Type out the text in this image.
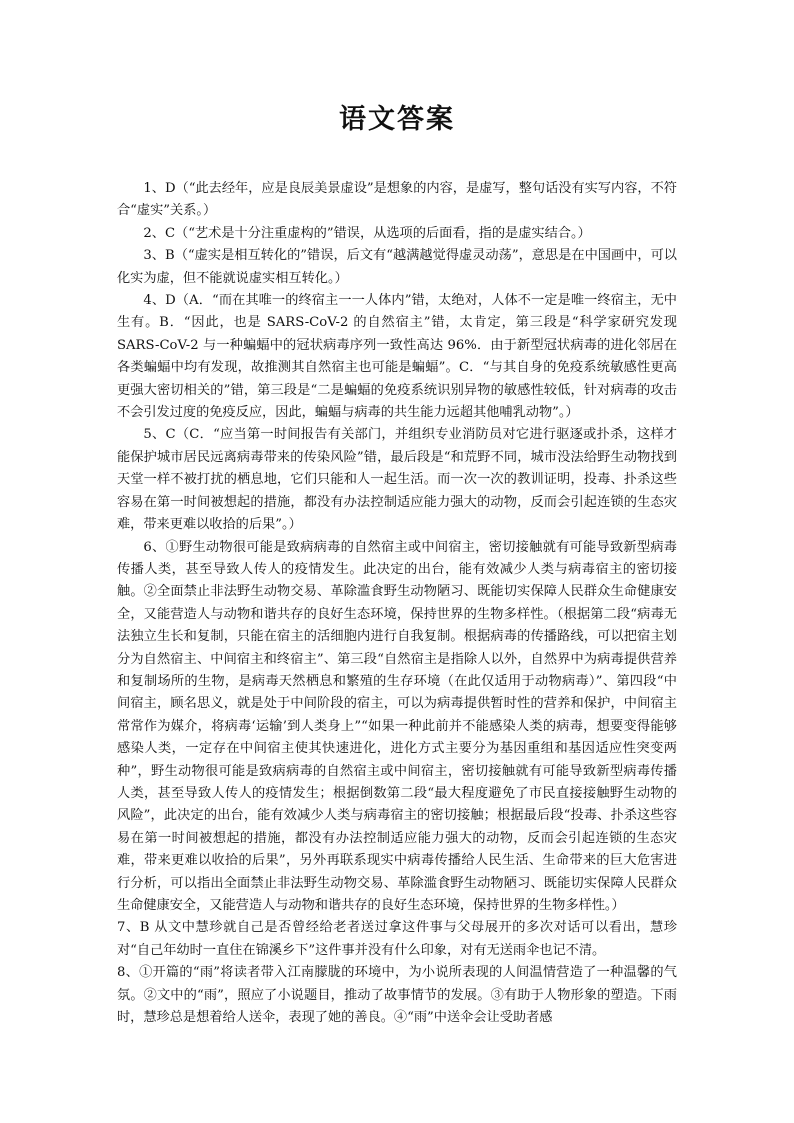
语文答案

1、D（“此去经年，应是良辰美景虚设”是想象的内容，是虚写，整句话没有实写内容，不符合“虚实”关系。）

2、C（“艺术是十分注重虚构的”错误，从选项的后面看，指的是虚实结合。）

3、B（“虚实是相互转化的”错误，后文有“越满越觉得虚灵动荡”，意思是在中国画中，可以化实为虚，但不能就说虚实相互转化。）

4、D（A．“而在其唯一的终宿主一一人体内”错，太绝对，人体不一定是唯一终宿主，无中生有。B．“因此，也是 SARS-CoV-2 的自然宿主”错，太肯定，第三段是“科学家研究发现 SARS-CoV-2 与一种蝙蝠中的冠状病毒序列一致性高达 96%．由于新型冠状病毒的进化邻居在各类蝙蝠中均有发现，故推测其自然宿主也可能是蝙蝠”。C．“与其自身的免疫系统敏感性更高更强大密切相关的”错，第三段是“二是蝙蝠的免疫系统识别异物的敏感性较低，针对病毒的攻击不会引发过度的免疫反应，因此，蝙蝠与病毒的共生能力远超其他哺乳动物”。）

5、C（C．“应当第一时间报告有关部门，并组织专业消防员对它进行驱逐或扑杀，这样才能保护城市居民远离病毒带来的传染风险”错，最后段是“和荒野不同，城市没法给野生动物找到天堂一样不被打扰的栖息地，它们只能和人一起生活。而一次一次的教训证明，投毒、扑杀这些容易在第一时间被想起的措施，都没有办法控制适应能力强大的动物，反而会引起连锁的生态灾难，带来更难以收拾的后果”。）

6、①野生动物很可能是致病病毒的自然宿主或中间宿主，密切接触就有可能导致新型病毒传播人类，甚至导致人传人的疫情发生。此决定的出台，能有效减少人类与病毒宿主的密切接触。②全面禁止非法野生动物交易、革除滥食野生动物陋习、既能切实保障人民群众生命健康安全，又能营造人与动物和谐共存的良好生态环境，保持世界的生物多样性。（根据第二段“病毒无法独立生长和复制，只能在宿主的活细胞内进行自我复制。根据病毒的传播路线，可以把宿主划分为自然宿主、中间宿主和终宿主”、第三段“自然宿主是指除人以外，自然界中为病毒提供营养和复制场所的生物，是病毒天然栖息和繁殖的生存环境（在此仅适用于动物病毒）”、第四段“中间宿主，顾名思义，就是处于中间阶段的宿主，可以为病毒提供暂时性的营养和保护，中间宿主常常作为媒介，将病毒‘运输’到人类身上”“如果一种此前并不能感染人类的病毒，想要变得能够感染人类，一定存在中间宿主使其快速进化，进化方式主要分为基因重组和基因适应性突变两种”，野生动物很可能是致病病毒的自然宿主或中间宿主，密切接触就有可能导致新型病毒传播人类，甚至导致人传人的疫情发生；根据倒数第二段“最大程度避免了市民直接接触野生动物的风险”，此决定的出台，能有效减少人类与病毒宿主的密切接触；根据最后段“投毒、扑杀这些容易在第一时间被想起的措施，都没有办法控制适应能力强大的动物，反而会引起连锁的生态灾难，带来更难以收拾的后果”，另外再联系现实中病毒传播给人民生活、生命带来的巨大危害进行分析，可以指出全面禁止非法野生动物交易、革除滥食野生动物陋习、既能切实保障人民群众生命健康安全，又能营造人与动物和谐共存的良好生态环境，保持世界的生物多样性。）

7、B 从文中慧珍就自己是否曾经给老者送过拿这件事与父母展开的多次对话可以看出，慧珍对“自己年幼时一直住在锦溪乡下”这件事并没有什么印象，对有无送雨伞也记不清。

8、①开篇的“雨”将读者带入江南朦胧的环境中，为小说所表现的人间温情营造了一种温馨的气氛。②文中的“雨”，照应了小说题目，推动了故事情节的发展。③有助于人物形象的塑造。下雨时，慧珍总是想着给人送伞，表现了她的善良。④“雨”中送伞会让受助者感
